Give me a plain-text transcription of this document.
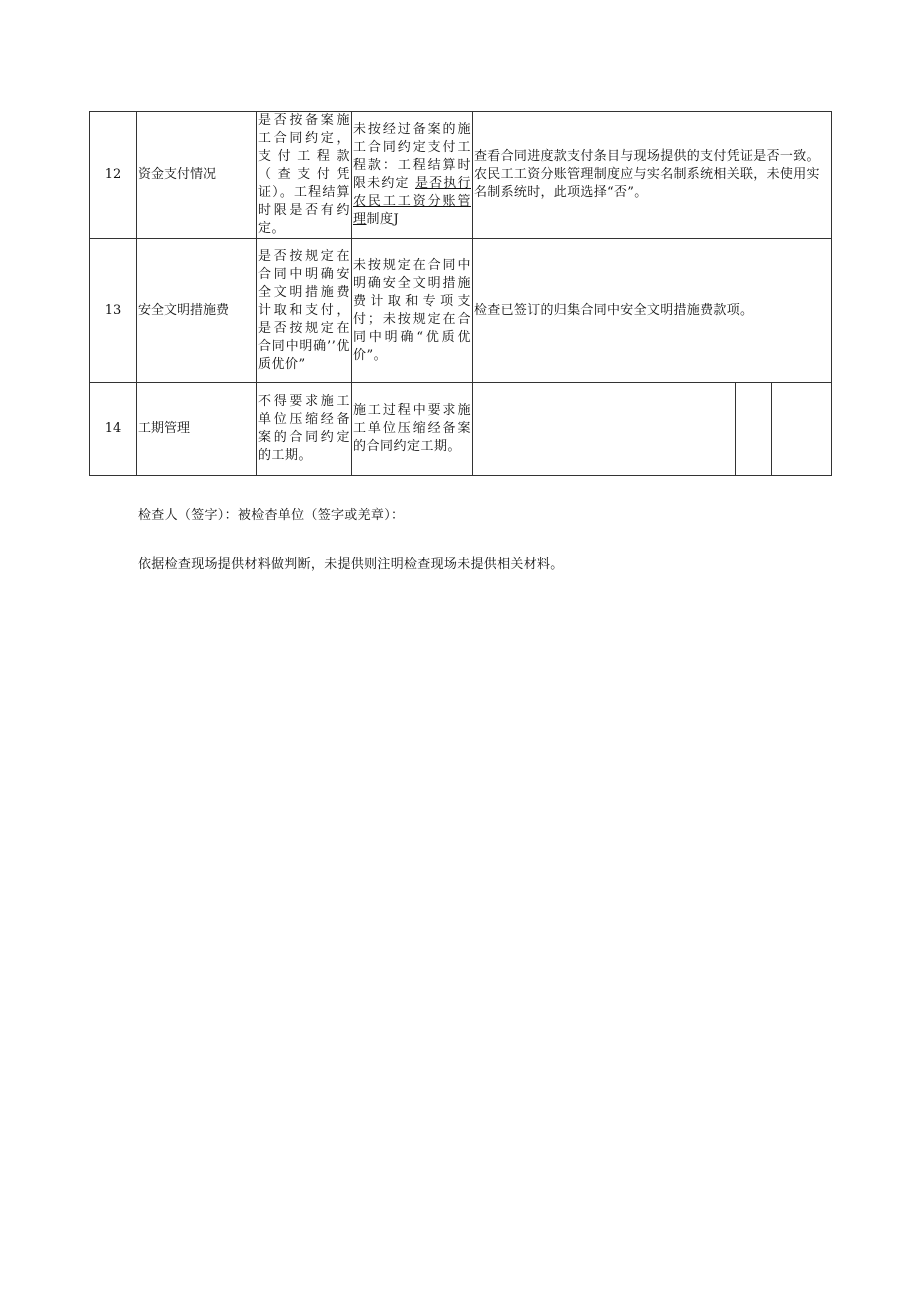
12	资金支付情况	是否按备案施工合同约定，支付工程款（查支付凭证）。工程结算时限是否有约定。	未按经过备案的施工合同约定支付工程款：工程结算时限未约定 是否执行农民工工资分账管理制度J	查看合同进度款支付条目与现场提供的支付凭证是否一致。农民工工资分账管理制度应与实名制系统相关联，未使用实名制系统时，此项选择“否”。		
13	安全文明措施费	是否按规定在合同中明确安全文明措施费计取和支付，是否按规定在合同中明确’’优质优价”	未按规定在合同中明确安全文明措施费计取和专项支付；未按规定在合同中明确“优质优价”。	检查已签订的归集合同中安全文明措施费款项。		
14	工期管理	不得要求施工单位压缩经备案的合同约定的工期。	施工过程中要求施工单位压缩经备案的合同约定工期。			
检查人（签字）：被检杳单位（签字或羌章）：
依据检查现场提供材料做判断，未提供则注明检查现场未提供相关材料。
